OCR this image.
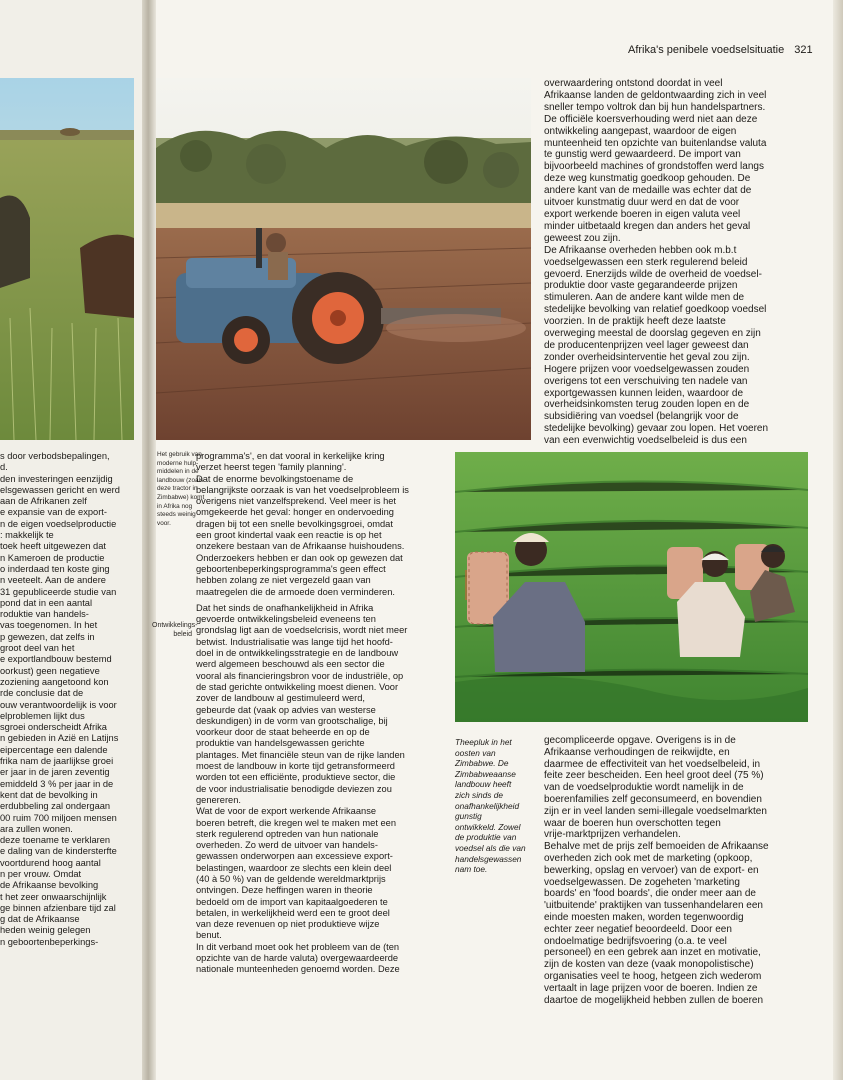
s door verbodsbepalingen,
d.
den investeringen eenzijdig
elsgewassen gericht en werd
aan de Afrikanen zelf
e expansie van de export-
n de eigen voedselproductie
: makkelijk te
toek heeft uitgewezen dat
n Kameroen de productie
o inderdaad ten koste ging
n veeteelt. Aan de andere
31 gepubliceerde studie van
pond dat in een aantal
roduktie van handels-
vas toegenomen. In het
p gewezen, dat zelfs in
groot deel van het
e exportlandbouw bestemd
oorkust) geen negatieve
zoziening aangetoond kon
rde conclusie dat de
ouw verantwoordelijk is voor
elproblemen lijkt dus
sgroei onderscheidt Afrika
n gebieden in Azië en Latijns
eipercentage een dalende
frika nam de jaarlijkse groei
er jaar in de jaren zeventig
emiddeld 3 % per jaar in de
kent dat de bevolking in
erdubbeling zal ondergaan
00 ruim 700 miljoen mensen
ara zullen wonen.
deze toename te verklaren
e daling van de kindersterfte
voortdurend hoog aantal
n per vrouw. Omdat
de Afrikaanse bevolking
t het zeer onwaarschijnlijk
ge binnen afzienbare tijd zal
g dat de Afrikaanse
heden weinig gelegen
n geboortenbeperkings-
Afrika's penibele voedselsituatie 321
Het gebruik van
moderne hulp-
middelen in de
landbouw (zoals
deze tractor in
Zimbabwe) komt
in Afrika nog
steeds weinig
voor.
Ontwikkelings-
beleid
programma's', en dat vooral in kerkelijke kring
verzet heerst tegen 'family planning'.
Dat de enorme bevolkingstoename de
belangrijkste oorzaak is van het voedselprobleem is
overigens niet vanzelfsprekend. Veel meer is het
omgekeerde het geval: honger en ondervoeding
dragen bij tot een snelle bevolkingsgroei, omdat
een groot kindertal vaak een reactie is op het
onzekere bestaan van de Afrikaanse huishoudens.
Onderzoekers hebben er dan ook op gewezen dat
geboortenbeperkingsprogramma's geen effect
hebben zolang ze niet vergezeld gaan van
maatregelen die de armoede doen verminderen.
Dat het sinds de onafhankelijkheid in Afrika
gevoerde ontwikkelingsbeleid eveneens ten
grondslag ligt aan de voedselcrisis, wordt niet meer
betwist. Industrialisatie was lange tijd het hoofd-
doel in de ontwikkelingsstrategie en de landbouw
werd algemeen beschouwd als een sector die
vooral als financieringsbron voor de industriële, op
de stad gerichte ontwikkeling moest dienen. Voor
zover de landbouw al gestimuleerd werd,
gebeurde dat (vaak op advies van westerse
deskundigen) in de vorm van grootschalige, bij
voorkeur door de staat beheerde en op de
produktie van handelsgewassen gerichte
plantages. Met financiële steun van de rijke landen
moest de landbouw in korte tijd getransformeerd
worden tot een efficiënte, produktieve sector, die
de voor industrialisatie benodigde deviezen zou
genereren.
Wat de voor de export werkende Afrikaanse
boeren betreft, die kregen wel te maken met een
sterk regulerend optreden van hun nationale
overheden. Zo werd de uitvoer van handels-
gewassen onderworpen aan excessieve export-
belastingen, waardoor ze slechts een klein deel
(40 à 50 %) van de geldende wereldmarktprijs
ontvingen. Deze heffingen waren in theorie
bedoeld om de import van kapitaalgoederen te
betalen, in werkelijkheid werd een te groot deel
van deze revenuen op niet produktieve wijze
benut.
In dit verband moet ook het probleem van de (ten
opzichte van de harde valuta) overgewaardeerde
nationale munteenheden genoemd worden. Deze
overwaardering ontstond doordat in veel
Afrikaanse landen de geldontwaarding zich in veel
sneller tempo voltrok dan bij hun handelspartners.
De officiële koersverhouding werd niet aan deze
ontwikkeling aangepast, waardoor de eigen
munteenheid ten opzichte van buitenlandse valuta
te gunstig werd gewaardeerd. De import van
bijvoorbeeld machines of grondstoffen werd langs
deze weg kunstmatig goedkoop gehouden. De
andere kant van de medaille was echter dat de
uitvoer kunstmatig duur werd en dat de voor
export werkende boeren in eigen valuta veel
minder uitbetaald kregen dan anders het geval
geweest zou zijn.
De Afrikaanse overheden hebben ook m.b.t
voedselgewassen een sterk regulerend beleid
gevoerd. Enerzijds wilde de overheid de voedsel-
produktie door vaste gegarandeerde prijzen
stimuleren. Aan de andere kant wilde men de
stedelijke bevolking van relatief goedkoop voedsel
voorzien. In de praktijk heeft deze laatste
overweging meestal de doorslag gegeven en zijn
de producentenprijzen veel lager geweest dan
zonder overheidsinterventie het geval zou zijn.
Hogere prijzen voor voedselgewassen zouden
overigens tot een verschuiving ten nadele van
exportgewassen kunnen leiden, waardoor de
overheidsinkomsten terug zouden lopen en de
subsidiëring van voedsel (belangrijk voor de
stedelijke bevolking) gevaar zou lopen. Het voeren
van een evenwichtig voedselbeleid is dus een
Theepluk in het
oosten van
Zimbabwe. De
Zimbabweaanse
landbouw heeft
zich sinds de
onafhankelijkheid
gunstig
ontwikkeld. Zowel
de produktie van
voedsel als die van
handelsgewassen
nam toe.
gecompliceerde opgave. Overigens is in de
Afrikaanse verhoudingen de reikwijdte, en
daarmee de effectiviteit van het voedselbeleid, in
feite zeer bescheiden. Een heel groot deel (75 %)
van de voedselproduktie wordt namelijk in de
boerenfamilies zelf geconsumeerd, en bovendien
zijn er in veel landen semi-illegale voedselmarkten
waar de boeren hun overschotten tegen
vrije-marktprijzen verhandelen.
Behalve met de prijs zelf bemoeiden de Afrikaanse
overheden zich ook met de marketing (opkoop,
bewerking, opslag en vervoer) van de export- en
voedselgewassen. De zogeheten 'marketing
boards' en 'food boards', die onder meer aan de
'uitbuitende' praktijken van tussenhandelaren een
einde moesten maken, worden tegenwoordig
echter zeer negatief beoordeeld. Door een
ondoelmatige bedrijfsvoering (o.a. te veel
personeel) en een gebrek aan inzet en motivatie,
zijn de kosten van deze (vaak monopolistische)
organisaties veel te hoog, hetgeen zich wederom
vertaalt in lage prijzen voor de boeren. Indien ze
daartoe de mogelijkheid hebben zullen de boeren
